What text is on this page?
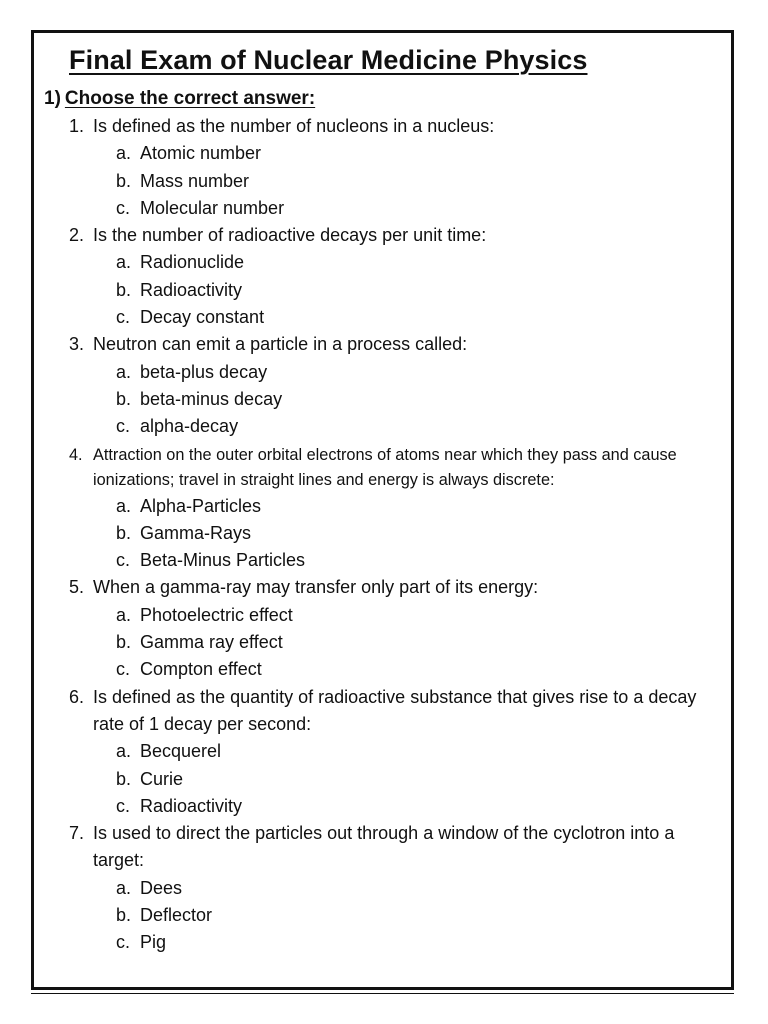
Final Exam of Nuclear Medicine Physics
1) Choose the correct answer:
1. Is defined as the number of nucleons in a nucleus:
a. Atomic number
b. Mass number
c. Molecular number
2. Is the number of radioactive decays per unit time:
a. Radionuclide
b. Radioactivity
c. Decay constant
3. Neutron can emit a particle in a process called:
a. beta-plus decay
b. beta-minus decay
c. alpha-decay
4. Attraction on the outer orbital electrons of atoms near which they pass and cause ionizations; travel in straight lines and energy is always discrete:
a. Alpha-Particles
b. Gamma-Rays
c. Beta-Minus Particles
5. When a gamma-ray may transfer only part of its energy:
a. Photoelectric effect
b. Gamma ray effect
c. Compton effect
6. Is defined as the quantity of radioactive substance that gives rise to a decay rate of 1 decay per second:
a. Becquerel
b. Curie
c. Radioactivity
7. Is used to direct the particles out through a window of the cyclotron into a target:
a. Dees
b. Deflector
c. Pig
